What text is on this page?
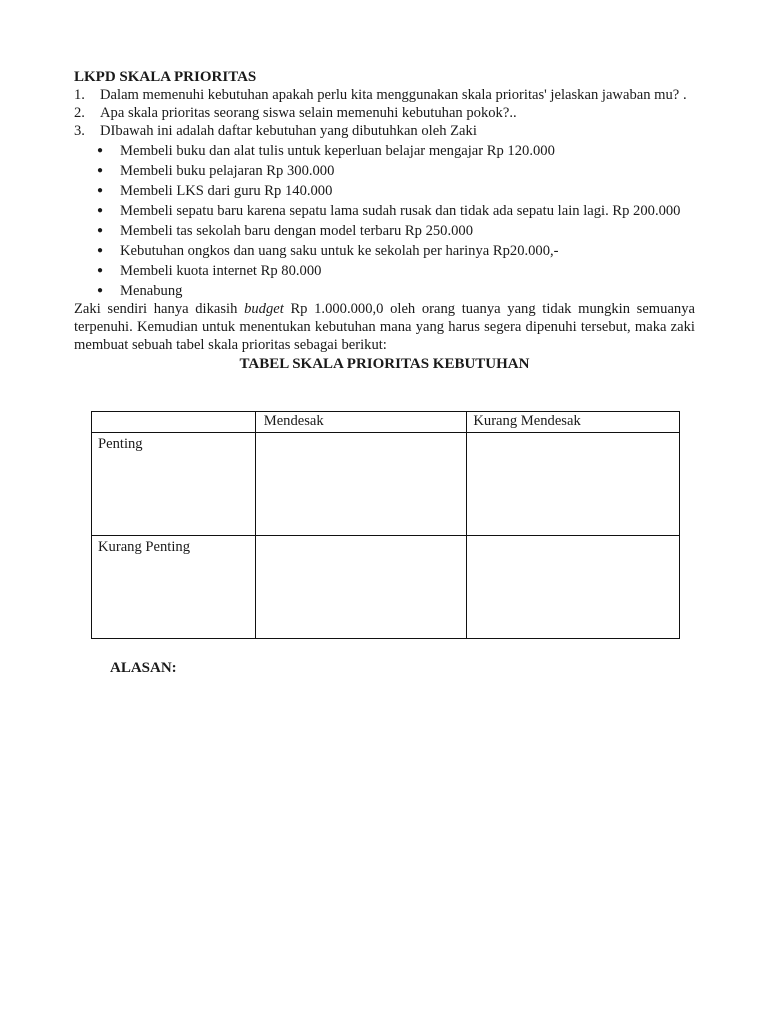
LKPD SKALA PRIORITAS
1.	Dalam memenuhi kebutuhan apakah perlu kita menggunakan skala prioritas' jelaskan jawaban mu? .
2.	Apa skala prioritas seorang siswa selain memenuhi kebutuhan pokok?..
3.	DIbawah ini adalah daftar kebutuhan yang dibutuhkan oleh Zaki
●	Membeli buku dan alat tulis untuk keperluan belajar mengajar Rp 120.000
●	Membeli buku pelajaran Rp 300.000
●	Membeli LKS dari guru Rp 140.000
●	Membeli sepatu baru karena sepatu lama sudah rusak dan tidak ada sepatu lain lagi. Rp 200.000
●	Membeli tas sekolah baru dengan model terbaru Rp 250.000
●	Kebutuhan ongkos dan uang saku untuk ke sekolah per harinya Rp20.000,-
●	Membeli kuota internet Rp 80.000
●	Menabung

Zaki sendiri hanya dikasih budget Rp 1.000.000,0 oleh orang tuanya yang tidak mungkin semuanya terpenuhi. Kemudian untuk menentukan kebutuhan mana yang harus segera dipenuhi tersebut, maka zaki membuat sebuah tabel skala prioritas sebagai berikut:

TABEL SKALA PRIORITAS KEBUTUHAN
	Mendesak	Kurang Mendesak
Penting		
Kurang Penting		
ALASAN:
